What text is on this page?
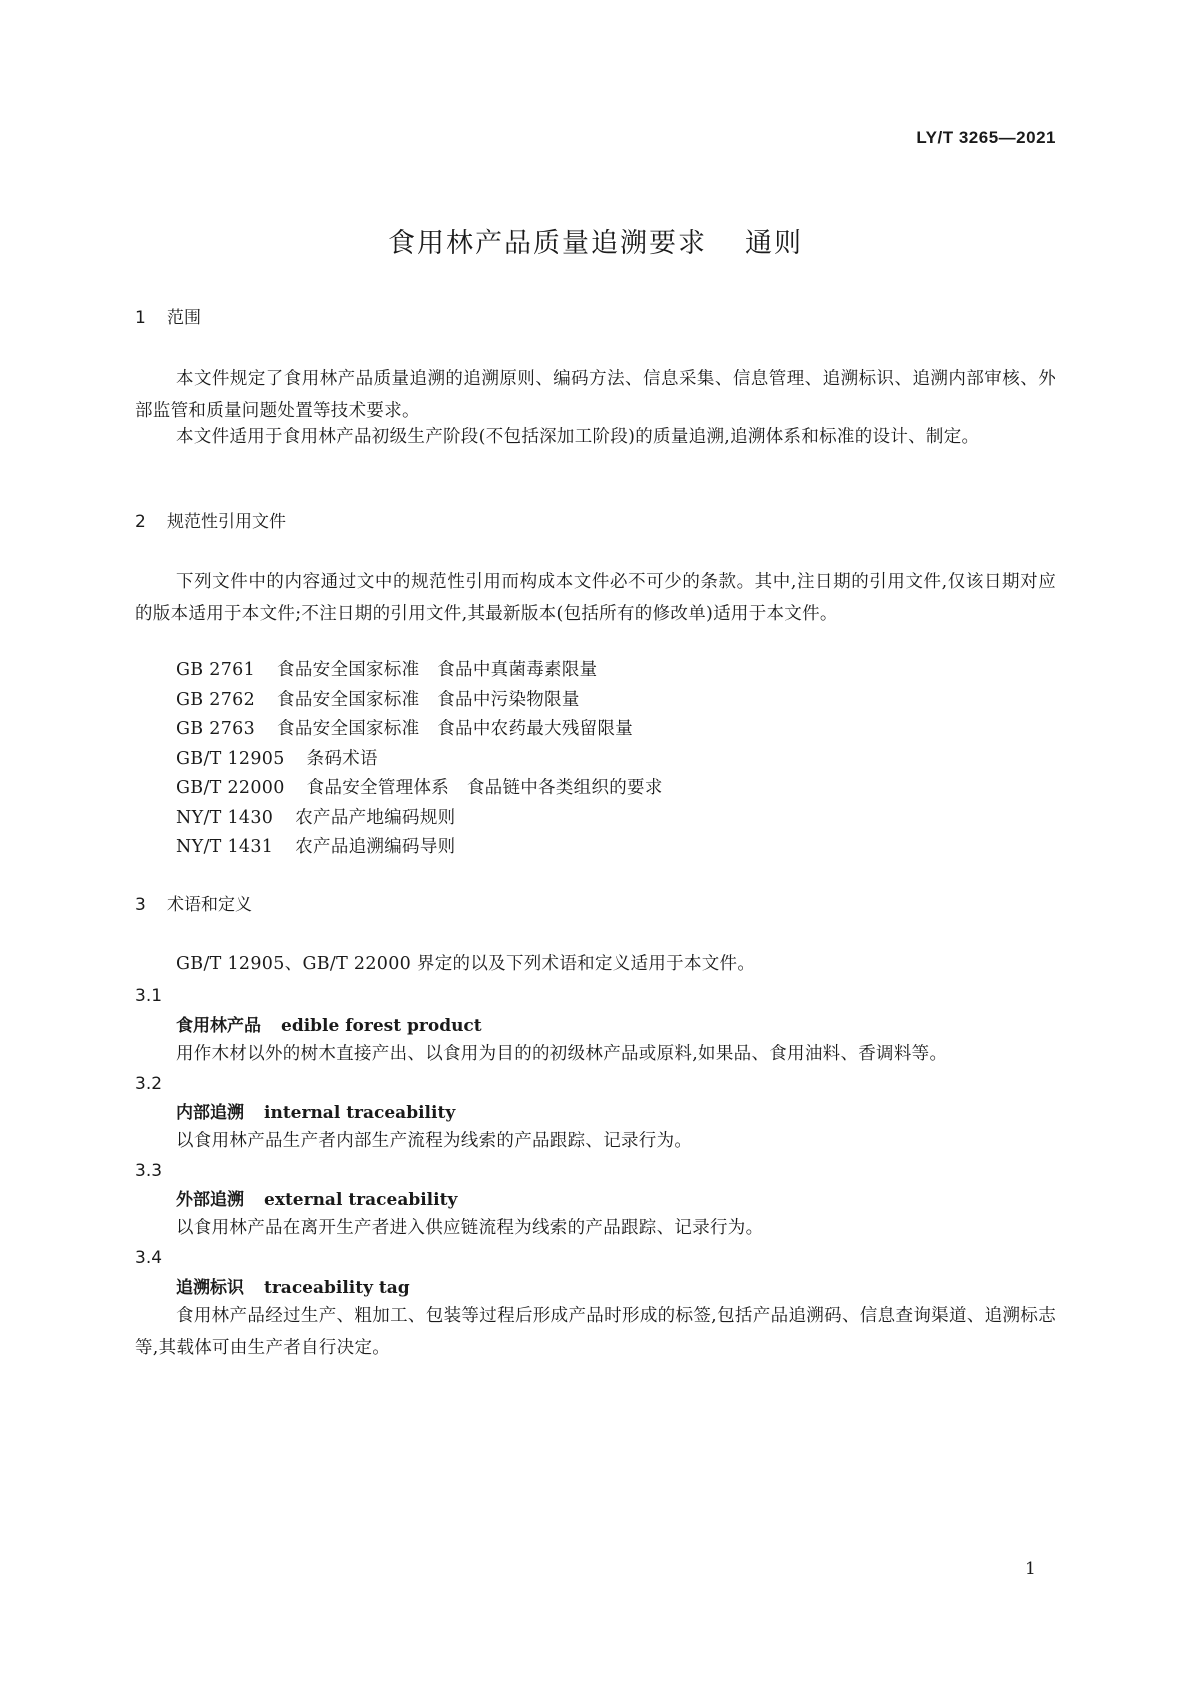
LY/T 3265—2021
食用林产品质量追溯要求 通则
1 范围
本文件规定了食用林产品质量追溯的追溯原则、编码方法、信息采集、信息管理、追溯标识、追溯内部审核、外部监管和质量问题处置等技术要求。
本文件适用于食用林产品初级生产阶段(不包括深加工阶段)的质量追溯,追溯体系和标准的设计、制定。
2 规范性引用文件
下列文件中的内容通过文中的规范性引用而构成本文件必不可少的条款。其中,注日期的引用文件,仅该日期对应的版本适用于本文件;不注日期的引用文件,其最新版本(包括所有的修改单)适用于本文件。
GB 2761 食品安全国家标准　食品中真菌毒素限量
GB 2762 食品安全国家标准　食品中污染物限量
GB 2763 食品安全国家标准　食品中农药最大残留限量
GB/T 12905 条码术语
GB/T 22000 食品安全管理体系　食品链中各类组织的要求
NY/T 1430 农产品产地编码规则
NY/T 1431 农产品追溯编码导则
3 术语和定义
GB/T 12905、GB/T 22000 界定的以及下列术语和定义适用于本文件。
3.1
食用林产品 edible forest product
用作木材以外的树木直接产出、以食用为目的的初级林产品或原料,如果品、食用油料、香调料等。
3.2
内部追溯 internal traceability
以食用林产品生产者内部生产流程为线索的产品跟踪、记录行为。
3.3
外部追溯 external traceability
以食用林产品在离开生产者进入供应链流程为线索的产品跟踪、记录行为。
3.4
追溯标识 traceability tag
食用林产品经过生产、粗加工、包装等过程后形成产品时形成的标签,包括产品追溯码、信息查询渠道、追溯标志等,其载体可由生产者自行决定。
1
